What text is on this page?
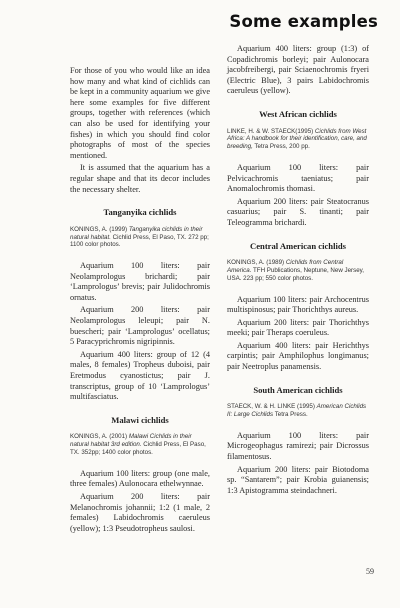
Some examples

For those of you who would like an idea how many and what kind of cichlids can be kept in a community aquarium we give here some examples for five different groups, together with references (which can also be used for identifying your fishes) in which you should find color photographs of most of the species mentioned.

It is assumed that the aquarium has a regular shape and that its decor includes the necessary shelter.

Tanganyika cichlids
KONINGS, A. (1999) Tanganyika cichlids in their natural habitat. Cichlid Press, El Paso, TX. 272 pp; 1100 color photos.

Aquarium 100 liters: pair Neolamprologus brichardi; pair ‘Lamprologus’ brevis; pair Julidochromis ornatus.

Aquarium 200 liters: pair Neolamprologus leleupi; pair N. buescheri; pair ‘Lamprologus’ ocellatus; 5 Paracyprichromis nigripinnis.

Aquarium 400 liters: group of 12 (4 males, 8 females) Tropheus duboisi, pair Eretmodus cyanostictus; pair J. transcriptus, group of 10 ‘Lamprologus’ multifasciatus.

Malawi cichlids
KONINGS, A. (2001) Malawi Cichlids in their natural habitat 3rd edition. Cichlid Press, El Paso, TX. 352pp; 1400 color photos.

Aquarium 100 liters: group (one male, three females) Aulonocara ethelwynnae.

Aquarium 200 liters: pair Melanochromis johannii; 1:2 (1 male, 2 females) Labidochromis caeruleus (yellow); 1:3 Pseudotropheus saulosi.

Aquarium 400 liters: group (1:3) of Copadichromis borleyi; pair Aulonocara jacobfreibergi, pair Sciaenochromis fryeri (Electric Blue), 3 pairs Labidochromis caeruleus (yellow).

West African cichlids
LINKE, H. & W. STAECK(1995) Cichlids from West Africa: A handbook for their identification, care, and breeding, Tetra Press, 200 pp.

Aquarium 100 liters: pair Pelvicachromis taeniatus; pair Anomalochromis thomasi.

Aquarium 200 liters: pair Steatocranus casuarius; pair S. tinanti; pair Teleogramma brichardi.

Central American cichlids
KONINGS, A. (1989) Cichlids from Central America. TFH Publications, Neptune, New Jersey, USA. 223 pp; 550 color photos.

Aquarium 100 liters: pair Archocentrus multispinosus; pair Thorichthys aureus.

Aquarium 200 liters: pair Thorichthys meeki; pair Theraps coeruleus.

Aquarium 400 liters: pair Herichthys carpintis; pair Amphilophus longimanus; pair Neetroplus panamensis.

South American cichlids
STAECK, W. & H. LINKE (1995) American Cichlids II: Large Cichlids Tetra Press.

Aquarium 100 liters: pair Microgeophagus ramirezi; pair Dicrossus filamentosus.

Aquarium 200 liters: pair Biotodoma sp. “Santarem”; pair Krobia guianensis; 1:3 Apistogramma steindachneri.

59
